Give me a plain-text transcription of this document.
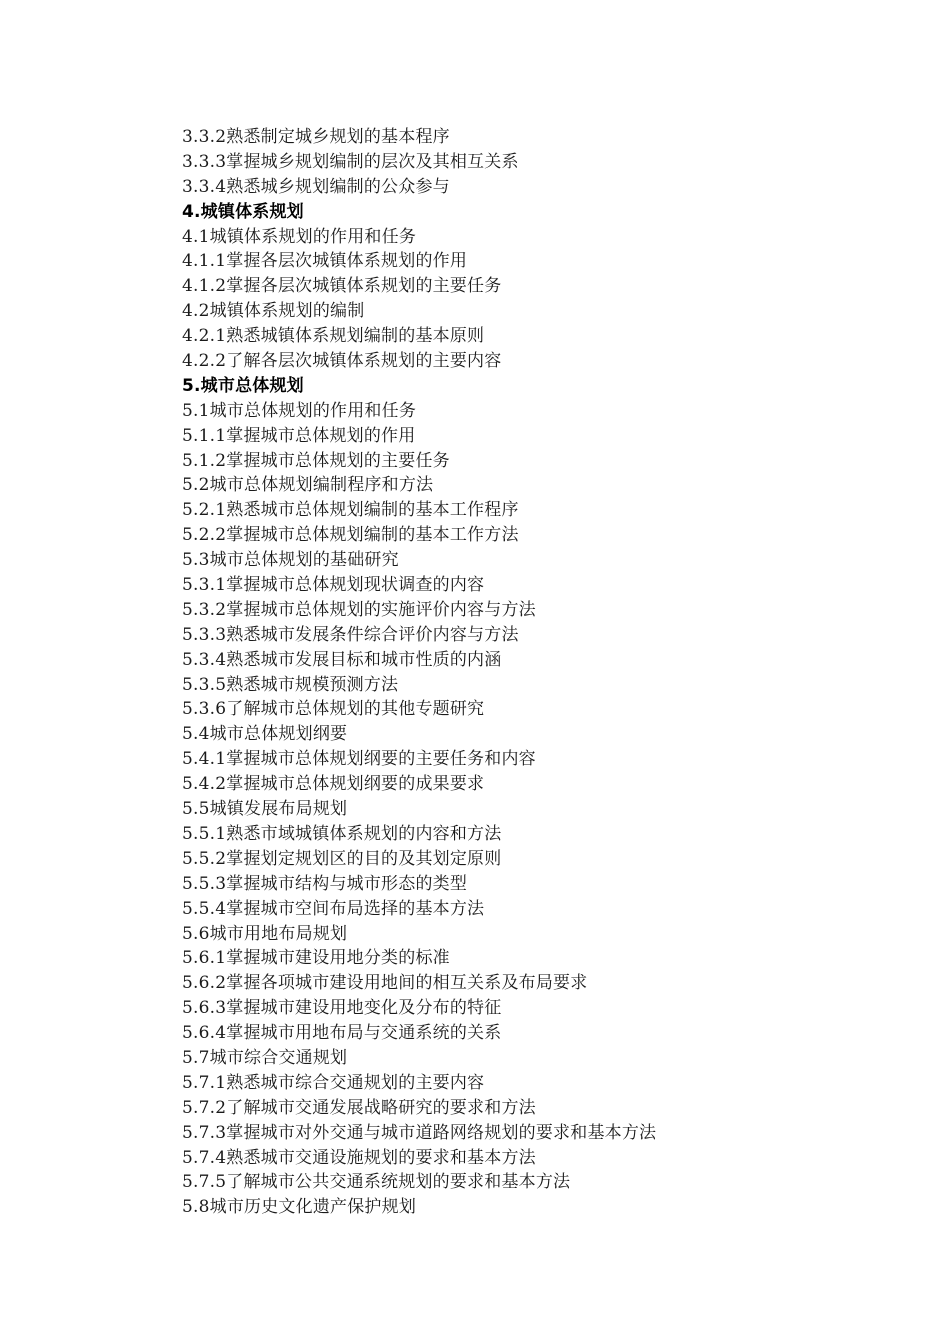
3.3.2熟悉制定城乡规划的基本程序
3.3.3掌握城乡规划编制的层次及其相互关系
3.3.4熟悉城乡规划编制的公众参与
4.城镇体系规划
4.1城镇体系规划的作用和任务
4.1.1掌握各层次城镇体系规划的作用
4.1.2掌握各层次城镇体系规划的主要任务
4.2城镇体系规划的编制
4.2.1熟悉城镇体系规划编制的基本原则
4.2.2了解各层次城镇体系规划的主要内容
5.城市总体规划
5.1城市总体规划的作用和任务
5.1.1掌握城市总体规划的作用
5.1.2掌握城市总体规划的主要任务
5.2城市总体规划编制程序和方法
5.2.1熟悉城市总体规划编制的基本工作程序
5.2.2掌握城市总体规划编制的基本工作方法
5.3城市总体规划的基础研究
5.3.1掌握城市总体规划现状调查的内容
5.3.2掌握城市总体规划的实施评价内容与方法
5.3.3熟悉城市发展条件综合评价内容与方法
5.3.4熟悉城市发展目标和城市性质的内涵
5.3.5熟悉城市规模预测方法
5.3.6了解城市总体规划的其他专题研究
5.4城市总体规划纲要
5.4.1掌握城市总体规划纲要的主要任务和内容
5.4.2掌握城市总体规划纲要的成果要求
5.5城镇发展布局规划
5.5.1熟悉市域城镇体系规划的内容和方法
5.5.2掌握划定规划区的目的及其划定原则
5.5.3掌握城市结构与城市形态的类型
5.5.4掌握城市空间布局选择的基本方法
5.6城市用地布局规划
5.6.1掌握城市建设用地分类的标准
5.6.2掌握各项城市建设用地间的相互关系及布局要求
5.6.3掌握城市建设用地变化及分布的特征
5.6.4掌握城市用地布局与交通系统的关系
5.7城市综合交通规划
5.7.1熟悉城市综合交通规划的主要内容
5.7.2了解城市交通发展战略研究的要求和方法
5.7.3掌握城市对外交通与城市道路网络规划的要求和基本方法
5.7.4熟悉城市交通设施规划的要求和基本方法
5.7.5了解城市公共交通系统规划的要求和基本方法
5.8城市历史文化遗产保护规划
